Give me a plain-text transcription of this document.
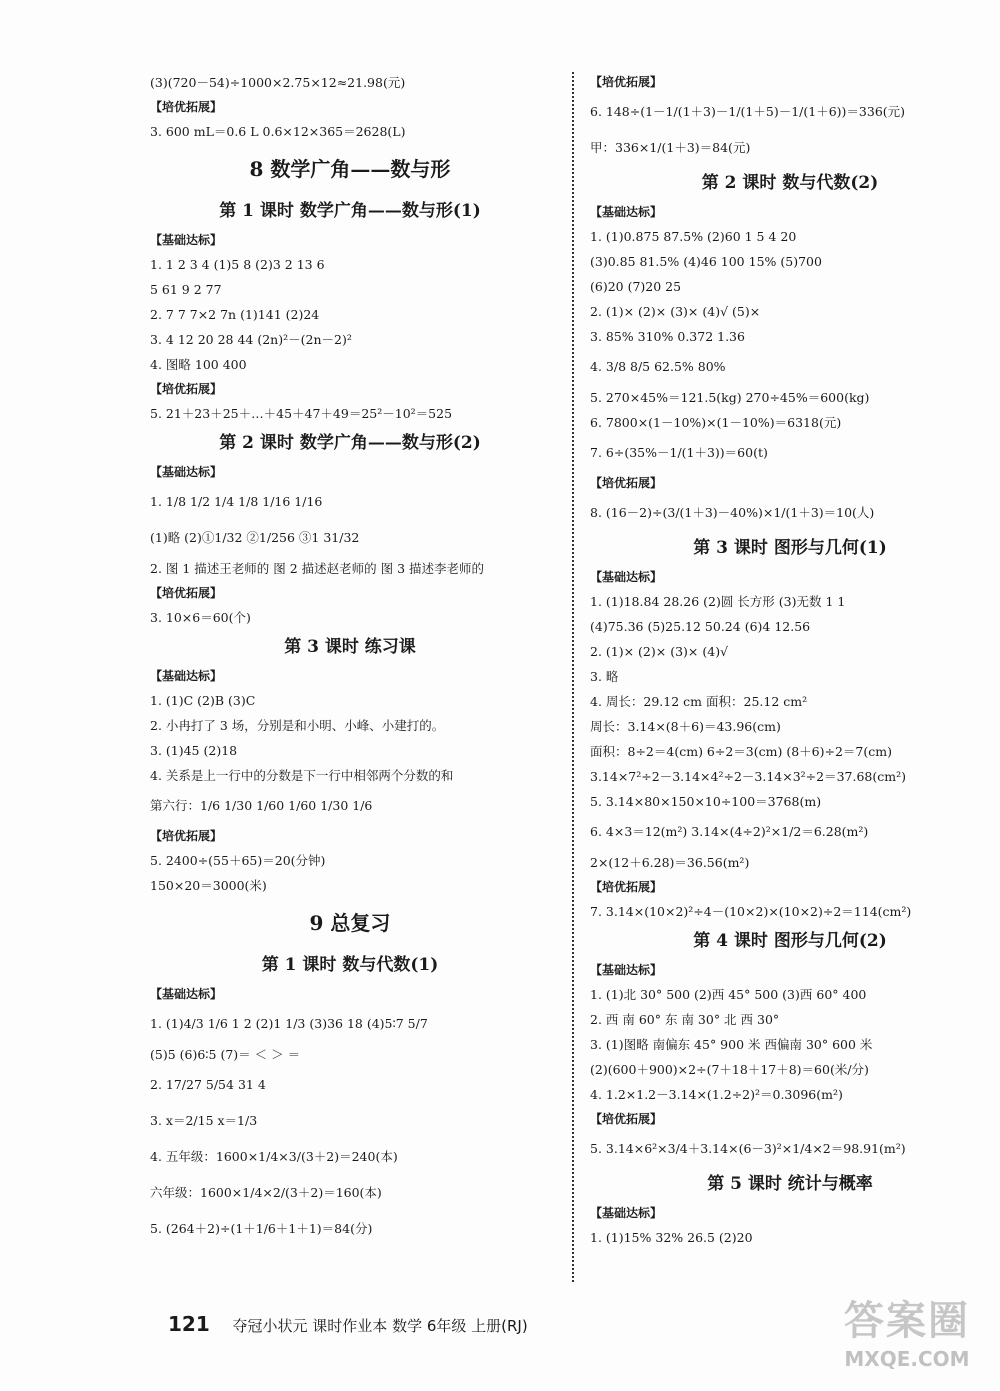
(3)(720－54)÷1000×2.75×12≈21.98(元)
【培优拓展】
3. 600 mL＝0.6 L 0.6×12×365＝2628(L)
8 数学广角——数与形
第 1 课时 数学广角——数与形(1)
【基础达标】
1. 1 2 3 4 (1)5 8 (2)3 2 13 6
5 61 9 2 77
2. 7 7 7×2 7n (1)141 (2)24
3. 4 12 20 28 44 (2n)²－(2n－2)²
4. 图略 100 400
【培优拓展】
5. 21＋23＋25＋…＋45＋47＋49＝25²－10²＝525
第 2 课时 数学广角——数与形(2)
【基础达标】
1. 1/8 1/2 1/4 1/8 1/16 1/16
(1)略 (2)①1/32 ②1/256 ③1 31/32
2. 图 1 描述王老师的 图 2 描述赵老师的 图 3 描述李老师的
【培优拓展】
3. 10×6＝60(个)
第 3 课时 练习课
【基础达标】
1. (1)C (2)B (3)C
2. 小冉打了 3 场，分别是和小明、小峰、小建打的。
3. (1)45 (2)18
4. 关系是上一行中的分数是下一行中相邻两个分数的和
第六行：1/6 1/30 1/60 1/60 1/30 1/6
【培优拓展】
5. 2400÷(55＋65)＝20(分钟)
150×20＝3000(米)
9 总复习
第 1 课时 数与代数(1)
【基础达标】
1. (1)4/3 1/6 1 2 (2)1 1/3 (3)36 18 (4)5∶7 5/7
(5)5 (6)6∶5 (7)＝ ＜ ＞ ＝
2. 17/27 5/54 31 4
3. x＝2/15 x＝1/3
4. 五年级：1600×1/4×3/(3＋2)＝240(本)
六年级：1600×1/4×2/(3＋2)＝160(本)
5. (264＋2)÷(1＋1/6＋1＋1)＝84(分)
【培优拓展】
6. 148÷(1－1/(1＋3)－1/(1＋5)－1/(1＋6))＝336(元)
甲：336×1/(1＋3)＝84(元)
第 2 课时 数与代数(2)
【基础达标】
1. (1)0.875 87.5% (2)60 1 5 4 20
(3)0.85 81.5% (4)46 100 15% (5)700
(6)20 (7)20 25
2. (1)× (2)× (3)× (4)√ (5)×
3. 85% 310% 0.372 1.36
4. 3/8 8/5 62.5% 80%
5. 270×45%＝121.5(kg) 270÷45%＝600(kg)
6. 7800×(1－10%)×(1－10%)＝6318(元)
7. 6÷(35%－1/(1＋3))＝60(t)
【培优拓展】
8. (16－2)÷(3/(1＋3)－40%)×1/(1＋3)＝10(人)
第 3 课时 图形与几何(1)
【基础达标】
1. (1)18.84 28.26 (2)圆 长方形 (3)无数 1 1
(4)75.36 (5)25.12 50.24 (6)4 12.56
2. (1)× (2)× (3)× (4)√
3. 略
4. 周长：29.12 cm 面积：25.12 cm²
周长：3.14×(8＋6)＝43.96(cm)
面积：8÷2＝4(cm) 6÷2＝3(cm) (8＋6)÷2＝7(cm)
3.14×7²÷2－3.14×4²÷2－3.14×3²÷2＝37.68(cm²)
5. 3.14×80×150×10÷100＝3768(m)
6. 4×3＝12(m²) 3.14×(4÷2)²×1/2＝6.28(m²)
2×(12＋6.28)＝36.56(m²)
【培优拓展】
7. 3.14×(10×2)²÷4－(10×2)×(10×2)÷2＝114(cm²)
第 4 课时 图形与几何(2)
【基础达标】
1. (1)北 30° 500 (2)西 45° 500 (3)西 60° 400
2. 西 南 60° 东 南 30° 北 西 30°
3. (1)图略 南偏东 45° 900 米 西偏南 30° 600 米
(2)(600＋900)×2÷(7＋18＋17＋8)＝60(米/分)
4. 1.2×1.2－3.14×(1.2÷2)²＝0.3096(m²)
【培优拓展】
5. 3.14×6²×3/4＋3.14×(6－3)²×1/4×2＝98.91(m²)
第 5 课时 统计与概率
【基础达标】
1. (1)15% 32% 26.5 (2)20
121 夺冠小状元 课时作业本 数学 6年级 上册(RJ)	答案圈
MXQE.COM
